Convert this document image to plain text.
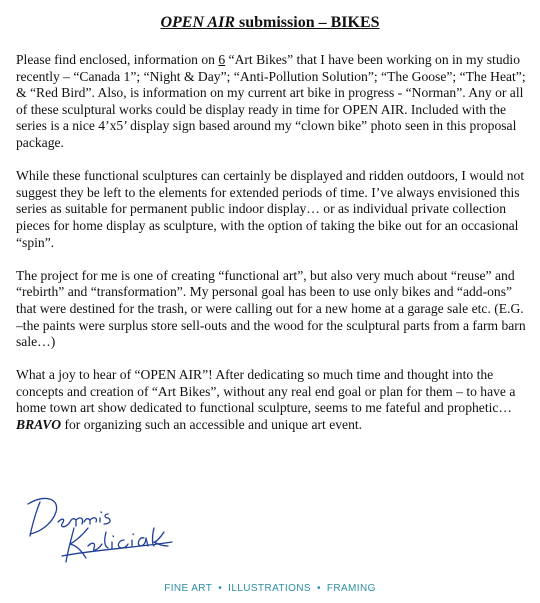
OPEN AIR submission – BIKES

Please find enclosed, information on 6 “Art Bikes” that I have been working on in my studio recently – “Canada 1”; “Night & Day”; “Anti-Pollution Solution”; “The Goose”; “The Heat”; & “Red Bird”. Also, is information on my current art bike in progress - “Norman”. Any or all of these sculptural works could be display ready in time for OPEN AIR. Included with the series is a nice 4’x5’ display sign based around my “clown bike” photo seen in this proposal package.

While these functional sculptures can certainly be displayed and ridden outdoors, I would not suggest they be left to the elements for extended periods of time. I’ve always envisioned this series as suitable for permanent public indoor display… or as individual private collection pieces for home display as sculpture, with the option of taking the bike out for an occasional “spin”.

The project for me is one of creating “functional art”, but also very much about “reuse” and “rebirth” and “transformation”. My personal goal has been to use only bikes and “add-ons” that were destined for the trash, or were calling out for a new home at a garage sale etc. (E.G. –the paints were surplus store sell-outs and the wood for the sculptural parts from a farm barn sale…)

What a joy to hear of “OPEN AIR”! After dedicating so much time and thought into the concepts and creation of “Art Bikes”, without any real end goal or plan for them – to have a home town art show dedicated to functional sculpture, seems to me fateful and prophetic… BRAVO for organizing such an accessible and unique art event.

FINE ART • ILLUSTRATIONS • FRAMING
